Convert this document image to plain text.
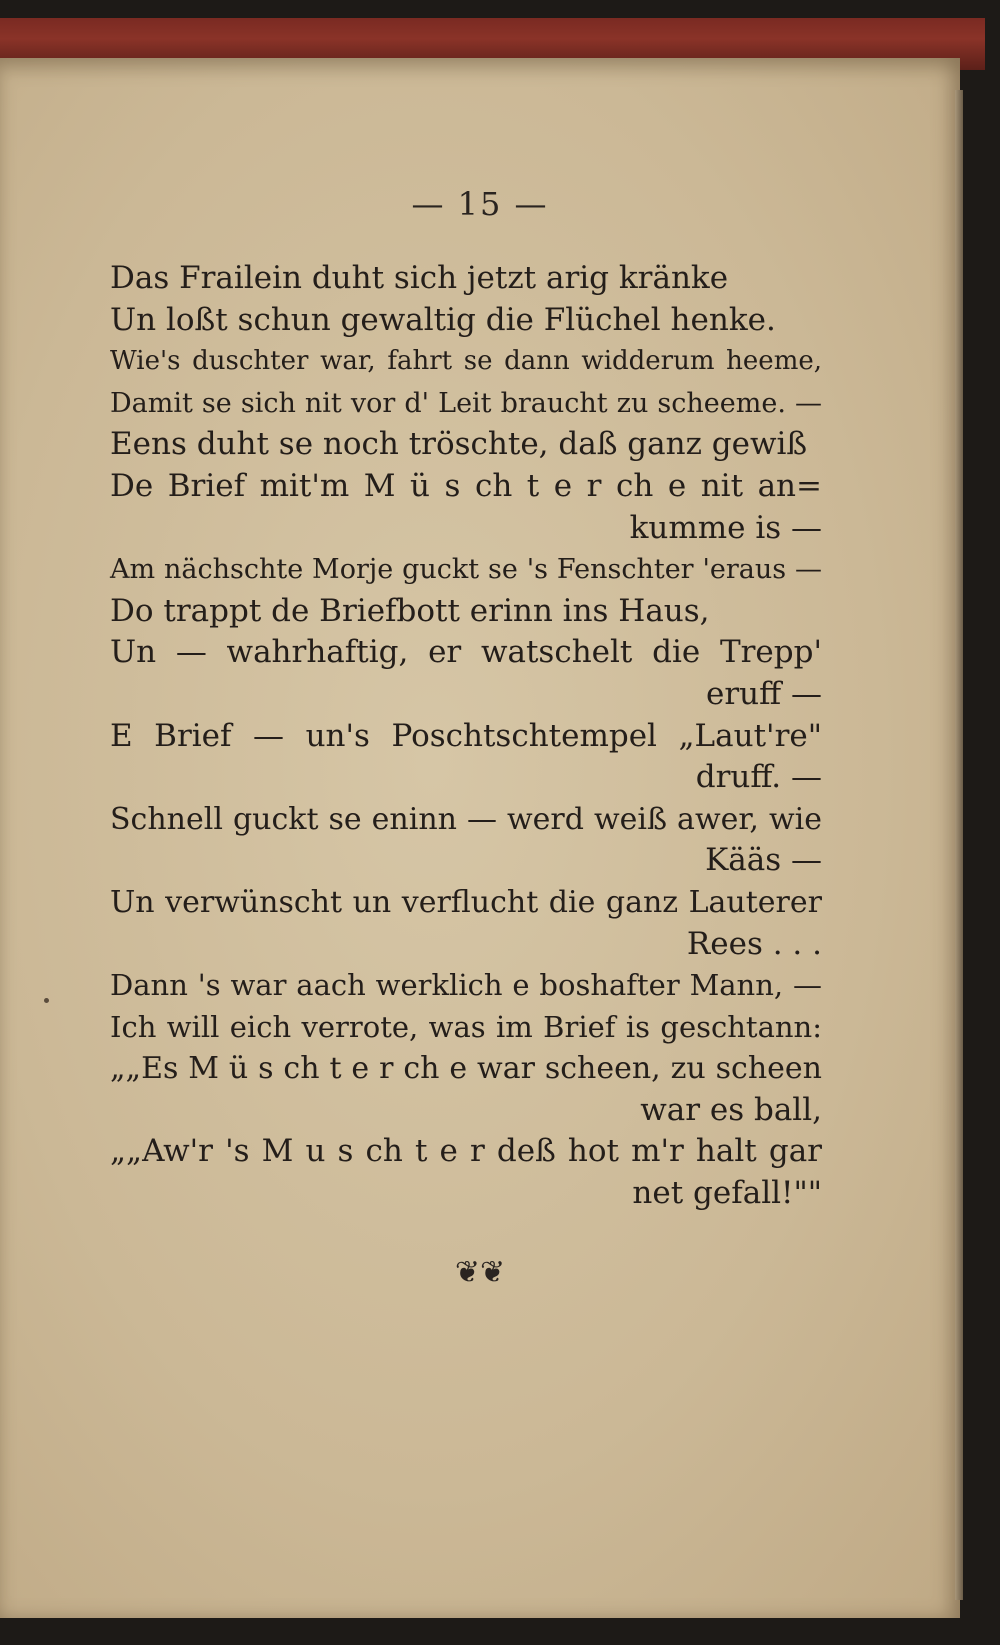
— 15 —
Das Frailein duht sich jetzt arig kränke
Un loßt schun gewaltig die Flüchel henke.
Wie's duschter war, fahrt se dann widderum heeme,
Damit se sich nit vor d' Leit braucht zu scheeme. —
Eens duht se noch tröschte, daß ganz gewiß
De Brief mit'm M ü s ch t e r ch e nit an=
kumme is —
Am nächschte Morje guckt se 's Fenschter 'eraus —
Do trappt de Briefbott erinn ins Haus,
Un — wahrhaftig, er watschelt die Trepp'
eruff —
E Brief — un's Poschtschtempel „Laut're"
druff. —
Schnell guckt se eninn — werd weiß awer, wie
Kääs —
Un verwünscht un verflucht die ganz Lauterer
Rees . . .
Dann 's war aach werklich e boshafter Mann, —
Ich will eich verrote, was im Brief is geschtann:
„„Es M ü s ch t e r ch e war scheen, zu scheen
war es ball,
„„Aw'r 's M u s ch t e r deß hot m'r halt gar
net gefall!""
❦❦
